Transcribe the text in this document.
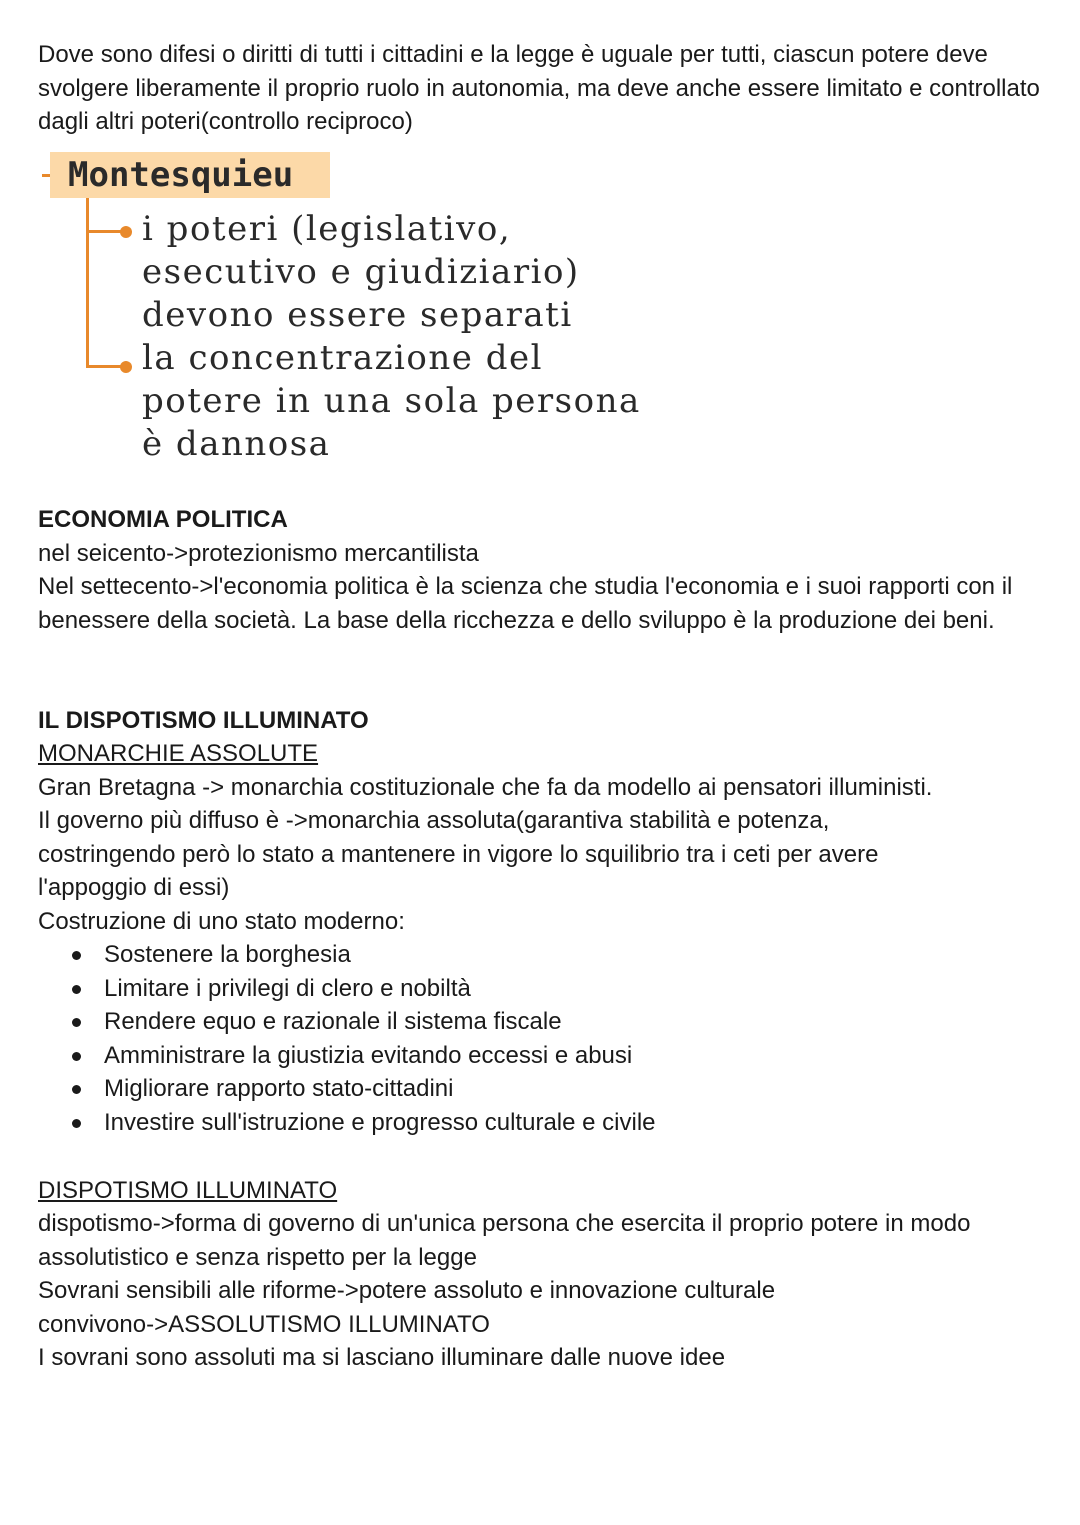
Dove sono difesi o diritti di tutti i cittadini e la legge è uguale per tutti, ciascun potere deve svolgere liberamente il proprio ruolo in autonomia, ma deve anche essere limitato e controllato dagli altri poteri(controllo reciproco)

Montesquieu

i poteri (legislativo,
esecutivo e giudiziario)
devono essere separati

la concentrazione del
potere in una sola persona
è dannosa

ECONOMIA POLITICA

nel seicento->protezionismo mercantilista

Nel settecento->l'economia politica è la scienza che studia l'economia e i suoi rapporti con il benessere della società. La base della ricchezza e dello sviluppo è la produzione dei beni.

IL DISPOTISMO ILLUMINATO

MONARCHIE ASSOLUTE

Gran Bretagna -> monarchia costituzionale che fa da modello ai pensatori illuministi.

Il governo più diffuso è ->monarchia assoluta(garantiva stabilità e potenza, costringendo però lo stato a mantenere in vigore lo squilibrio tra i ceti per avere l'appoggio di essi)

Costruzione di uno stato moderno:

Sostenere la borghesia
Limitare i privilegi di clero e nobiltà
Rendere equo e razionale il sistema fiscale
Amministrare la giustizia evitando eccessi e abusi
Migliorare rapporto stato-cittadini
Investire sull'istruzione e progresso culturale e civile

DISPOTISMO ILLUMINATO

dispotismo->forma di governo di un'unica persona che esercita il proprio potere in modo assolutistico e senza rispetto per la legge

Sovrani sensibili alle riforme->potere assoluto e innovazione culturale convivono->ASSOLUTISMO ILLUMINATO

I sovrani sono assoluti ma si lasciano illuminare dalle nuove idee
